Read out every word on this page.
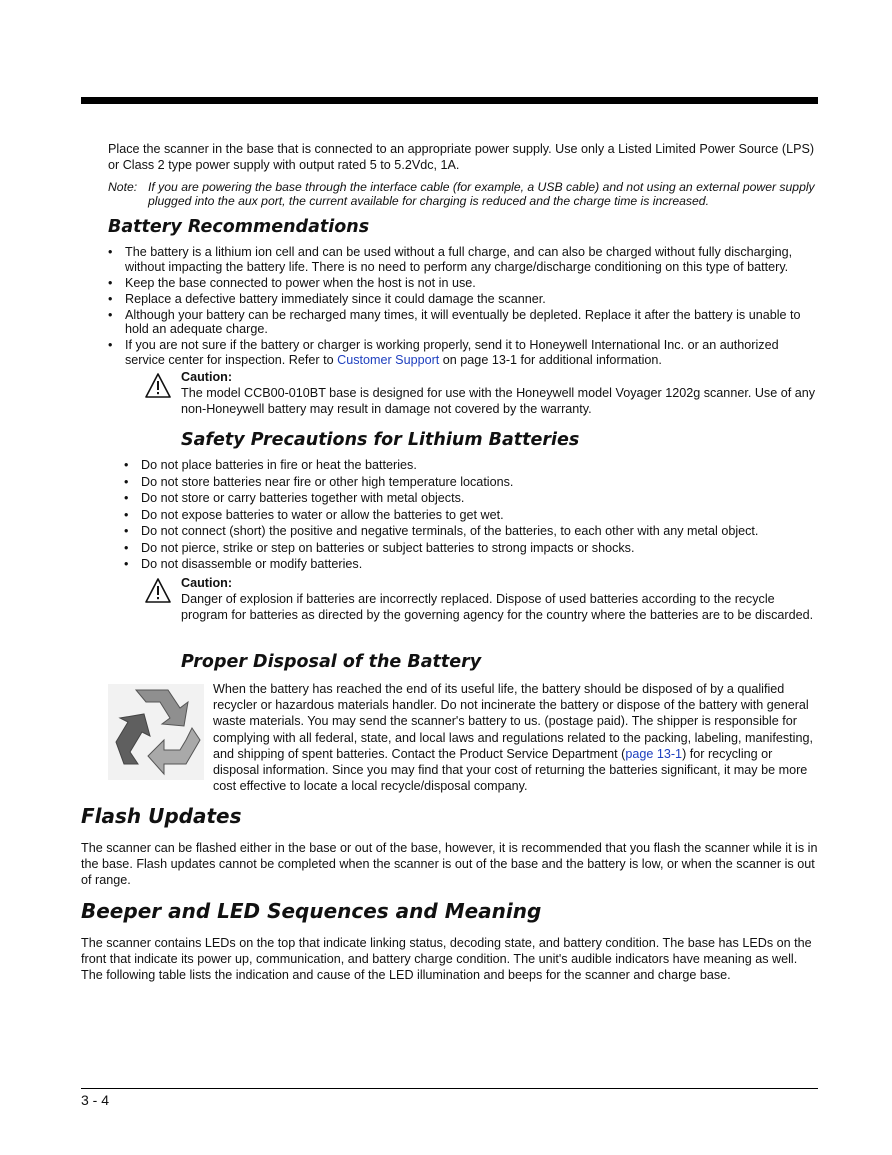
Place the scanner in the base that is connected to an appropriate power supply. Use only a Listed Limited Power Source (LPS) or Class 2 type power supply with output rated 5 to 5.2Vdc, 1A.
Note: If you are powering the base through the interface cable (for example, a USB cable) and not using an external power supply plugged into the aux port, the current available for charging is reduced and the charge time is increased.
Battery Recommendations
• The battery is a lithium ion cell and can be used without a full charge, and can also be charged without fully discharging, without impacting the battery life. There is no need to perform any charge/discharge conditioning on this type of battery.
• Keep the base connected to power when the host is not in use.
• Replace a defective battery immediately since it could damage the scanner.
• Although your battery can be recharged many times, it will eventually be depleted. Replace it after the battery is unable to hold an adequate charge.
• If you are not sure if the battery or charger is working properly, send it to Honeywell International Inc. or an authorized service center for inspection. Refer to Customer Support on page 13-1 for additional information.
Caution:
The model CCB00-010BT base is designed for use with the Honeywell model Voyager 1202g scanner. Use of any non-Honeywell battery may result in damage not covered by the warranty.
Safety Precautions for Lithium Batteries
• Do not place batteries in fire or heat the batteries.
• Do not store batteries near fire or other high temperature locations.
• Do not store or carry batteries together with metal objects.
• Do not expose batteries to water or allow the batteries to get wet.
• Do not connect (short) the positive and negative terminals, of the batteries, to each other with any metal object.
• Do not pierce, strike or step on batteries or subject batteries to strong impacts or shocks.
• Do not disassemble or modify batteries.
Caution:
Danger of explosion if batteries are incorrectly replaced. Dispose of used batteries according to the recycle program for batteries as directed by the governing agency for the country where the batteries are to be discarded.
Proper Disposal of the Battery
When the battery has reached the end of its useful life, the battery should be disposed of by a qualified recycler or hazardous materials handler. Do not incinerate the battery or dispose of the battery with general waste materials. You may send the scanner's battery to us. (postage paid). The shipper is responsible for complying with all federal, state, and local laws and regulations related to the packing, labeling, manifesting, and shipping of spent batteries. Contact the Product Service Department (page 13-1) for recycling or disposal information. Since you may find that your cost of returning the batteries significant, it may be more cost effective to locate a local recycle/disposal company.
Flash Updates
The scanner can be flashed either in the base or out of the base, however, it is recommended that you flash the scanner while it is in the base. Flash updates cannot be completed when the scanner is out of the base and the battery is low, or when the scanner is out of range.
Beeper and LED Sequences and Meaning
The scanner contains LEDs on the top that indicate linking status, decoding state, and battery condition. The base has LEDs on the front that indicate its power up, communication, and battery charge condition. The unit's audible indicators have meaning as well. The following table lists the indication and cause of the LED illumination and beeps for the scanner and charge base.
3 - 4
